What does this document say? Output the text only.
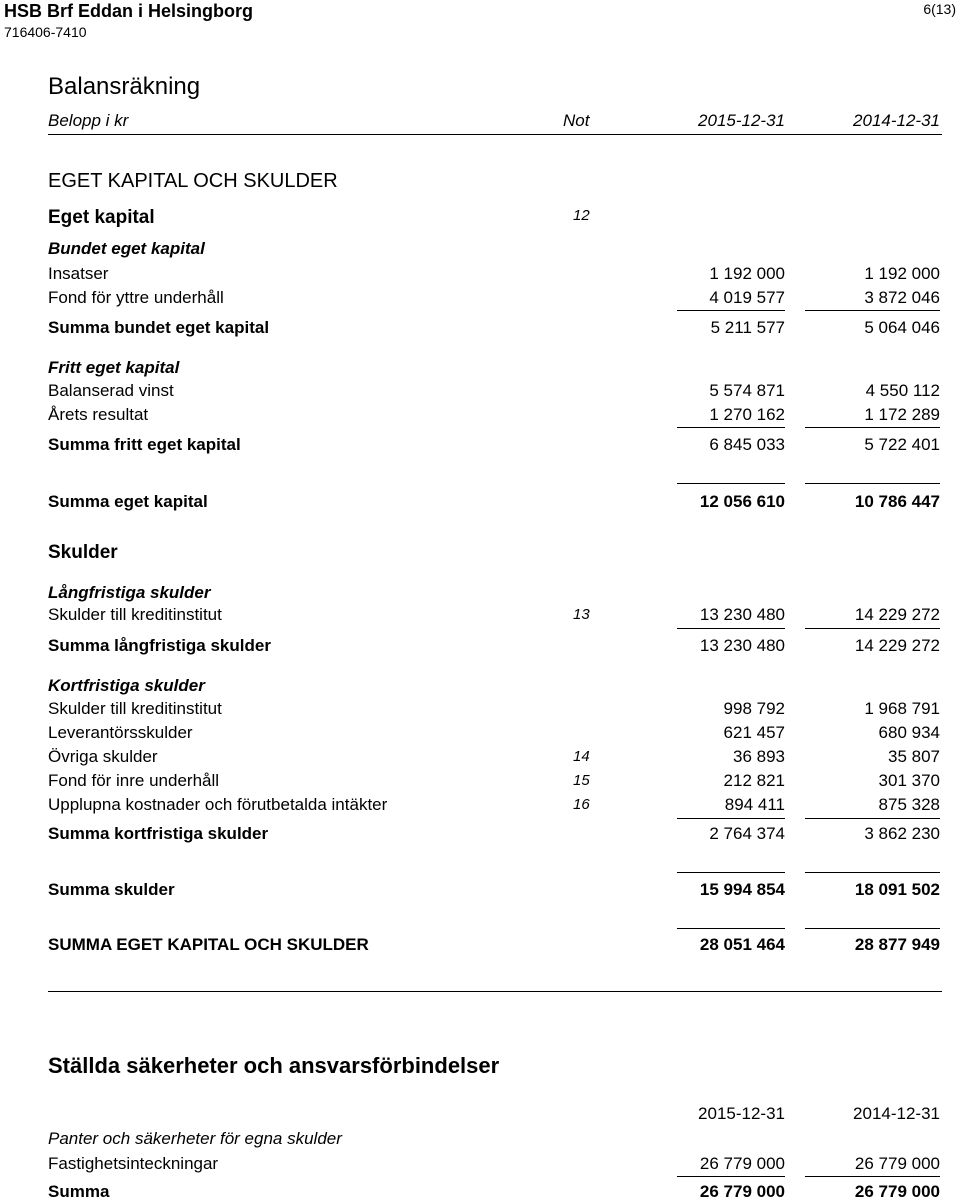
HSB Brf Eddan i Helsingborg
716406-7410
6(13)
Balansräkning
Belopp i kr	Not	2015-12-31	2014-12-31
EGET KAPITAL OCH SKULDER
Eget kapital	12
Bundet eget kapital
Insatser	1 192 000	1 192 000
Fond för yttre underhåll	4 019 577	3 872 046
Summa bundet eget kapital	5 211 577	5 064 046
Fritt eget kapital
Balanserad vinst	5 574 871	4 550 112
Årets resultat	1 270 162	1 172 289
Summa fritt eget kapital	6 845 033	5 722 401
Summa eget kapital	12 056 610	10 786 447
Skulder
Långfristiga skulder
Skulder till kreditinstitut	13	13 230 480	14 229 272
Summa långfristiga skulder	13 230 480	14 229 272
Kortfristiga skulder
Skulder till kreditinstitut	998 792	1 968 791
Leverantörsskulder	621 457	680 934
Övriga skulder	14	36 893	35 807
Fond för inre underhåll	15	212 821	301 370
Upplupna kostnader och förutbetalda intäkter	16	894 411	875 328
Summa kortfristiga skulder	2 764 374	3 862 230
Summa skulder	15 994 854	18 091 502
SUMMA EGET KAPITAL OCH SKULDER	28 051 464	28 877 949
Ställda säkerheter och ansvarsförbindelser
2015-12-31	2014-12-31
Panter och säkerheter för egna skulder
Fastighetsinteckningar	26 779 000	26 779 000
Summa	26 779 000	26 779 000
